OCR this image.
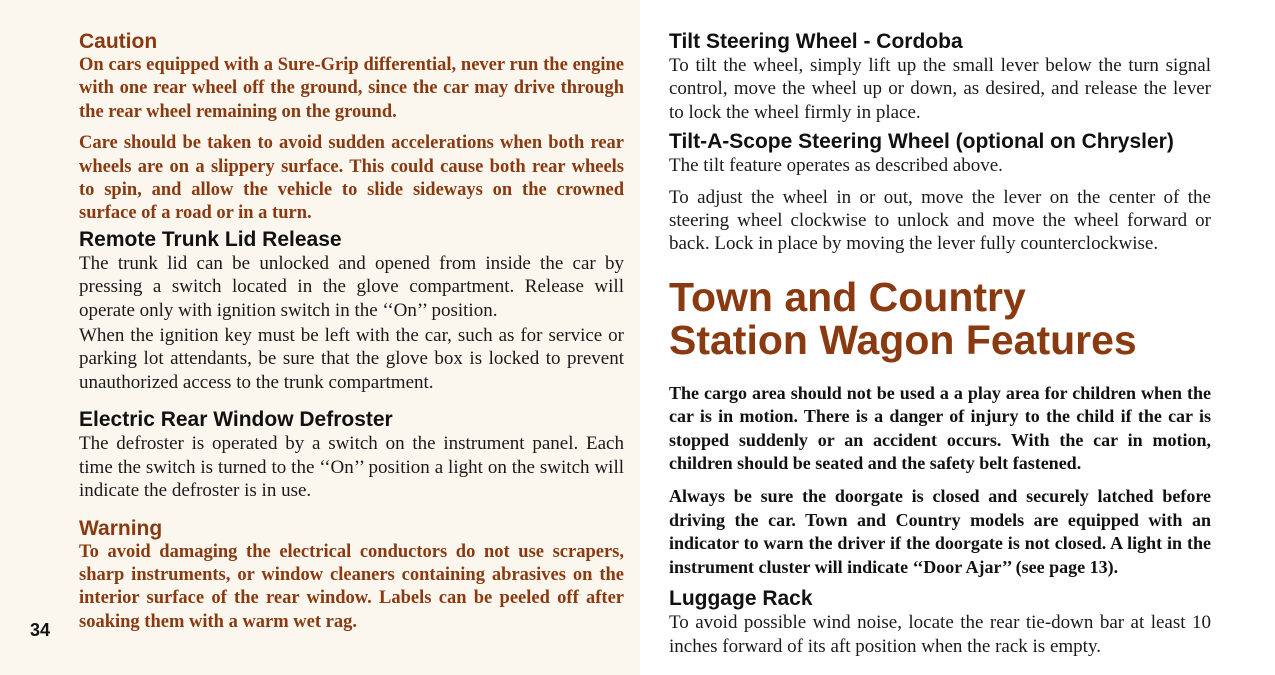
34
Caution

On cars equipped with a Sure-Grip differential, never run the engine with one rear wheel off the ground, since the car may drive through the rear wheel remaining on the ground.

Care should be taken to avoid sudden accelerations when both rear wheels are on a slippery surface. This could cause both rear wheels to spin, and allow the vehicle to slide sideways on the crowned surface of a road or in a turn.

Remote Trunk Lid Release

The trunk lid can be unlocked and opened from inside the car by pressing a switch located in the glove compartment. Release will operate only with ignition switch in the ‘‘On’’ position.

When the ignition key must be left with the car, such as for service or parking lot attendants, be sure that the glove box is locked to prevent unauthorized access to the trunk compartment.

Electric Rear Window Defroster

The defroster is operated by a switch on the instrument panel. Each time the switch is turned to the ‘‘On’’ position a light on the switch will indicate the defroster is in use.

Warning

To avoid damaging the electrical conductors do not use scrapers, sharp instruments, or window cleaners containing abrasives on the interior surface of the rear window. Labels can be peeled off after soaking them with a warm wet rag.

Tilt Steering Wheel - Cordoba

To tilt the wheel, simply lift up the small lever below the turn signal control, move the wheel up or down, as desired, and release the lever to lock the wheel firmly in place.

Tilt-A-Scope Steering Wheel (optional on Chrysler)

The tilt feature operates as described above.

To adjust the wheel in or out, move the lever on the center of the steering wheel clockwise to unlock and move the wheel forward or back. Lock in place by moving the lever fully counterclockwise.

Town and Country
Station Wagon Features

The cargo area should not be used a a play area for children when the car is in motion. There is a danger of injury to the child if the car is stopped suddenly or an accident occurs. With the car in motion, children should be seated and the safety belt fastened.

Always be sure the doorgate is closed and securely latched before driving the car. Town and Country models are equipped with an indicator to warn the driver if the doorgate is not closed. A light in the instrument cluster will indicate ‘‘Door Ajar’’ (see page 13).

Luggage Rack

To avoid possible wind noise, locate the rear tie-down bar at least 10 inches forward of its aft position when the rack is empty.
